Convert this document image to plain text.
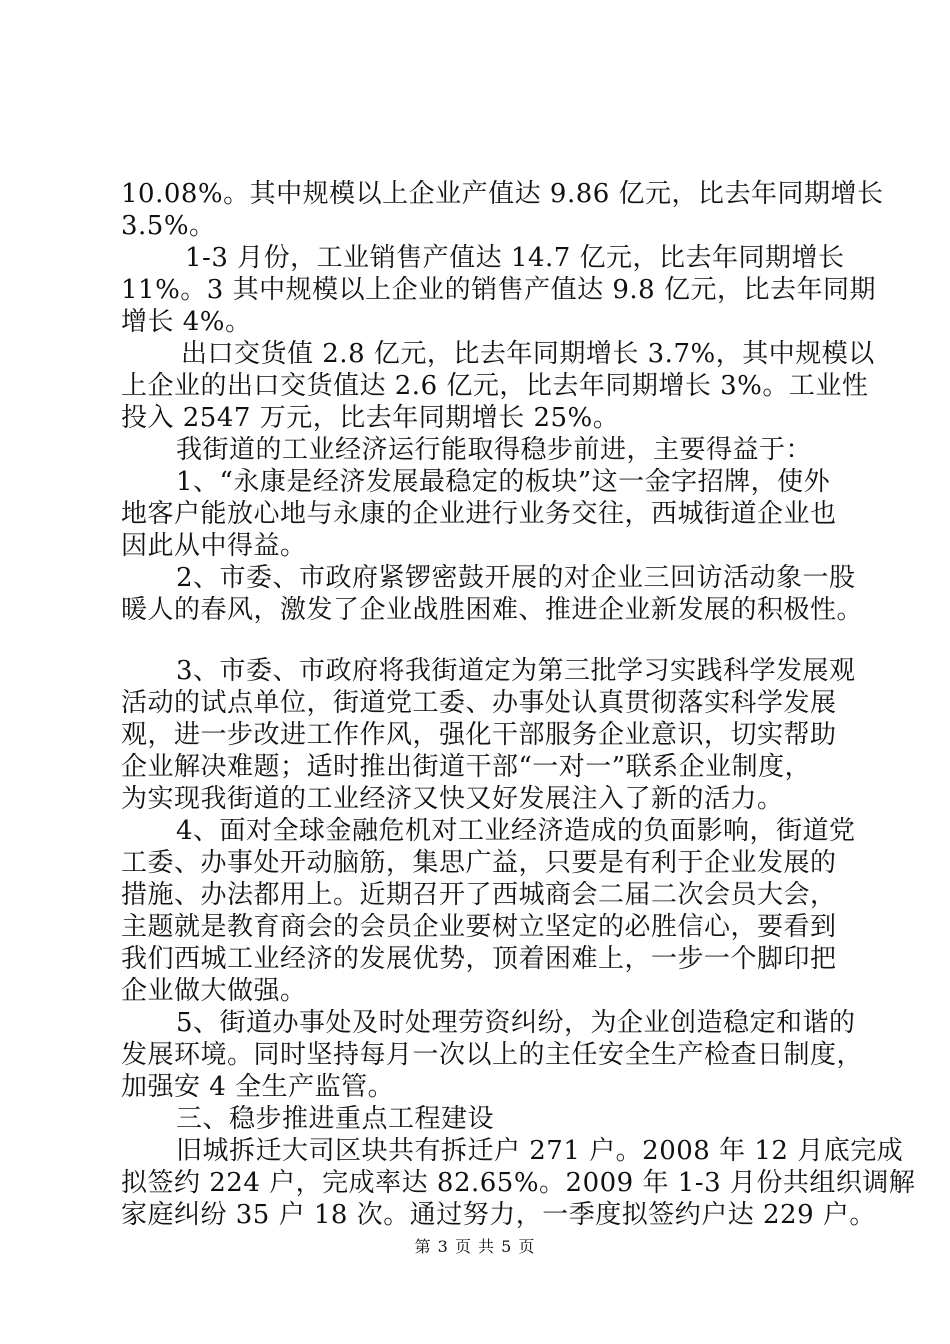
10.08%。其中规模以上企业产值达 9.86 亿元，比去年同期增长
3.5%。
1-3 月份，工业销售产值达 14.7 亿元，比去年同期增长
11%。3 其中规模以上企业的销售产值达 9.8 亿元，比去年同期
增长 4%。
出口交货值 2.8 亿元，比去年同期增长 3.7%，其中规模以
上企业的出口交货值达 2.6 亿元，比去年同期增长 3%。工业性
投入 2547 万元，比去年同期增长 25%。
我街道的工业经济运行能取得稳步前进，主要得益于：
1、“永康是经济发展最稳定的板块”这一金字招牌，使外
地客户能放心地与永康的企业进行业务交往，西城街道企业也
因此从中得益。
2、市委、市政府紧锣密鼓开展的对企业三回访活动象一股
暖人的春风，激发了企业战胜困难、推进企业新发展的积极性。
3、市委、市政府将我街道定为第三批学习实践科学发展观
活动的试点单位，街道党工委、办事处认真贯彻落实科学发展
观，进一步改进工作作风，强化干部服务企业意识，切实帮助
企业解决难题；适时推出街道干部“一对一”联系企业制度，
为实现我街道的工业经济又快又好发展注入了新的活力。
4、面对全球金融危机对工业经济造成的负面影响，街道党
工委、办事处开动脑筋，集思广益，只要是有利于企业发展的
措施、办法都用上。近期召开了西城商会二届二次会员大会，
主题就是教育商会的会员企业要树立坚定的必胜信心，要看到
我们西城工业经济的发展优势，顶着困难上，一步一个脚印把
企业做大做强。
5、街道办事处及时处理劳资纠纷，为企业创造稳定和谐的
发展环境。同时坚持每月一次以上的主任安全生产检查日制度，
加强安 4 全生产监管。
三、稳步推进重点工程建设
旧城拆迁大司区块共有拆迁户 271 户。2008 年 12 月底完成
拟签约 224 户，完成率达 82.65%。2009 年 1-3 月份共组织调解
家庭纠纷 35 户 18 次。通过努力，一季度拟签约户达 229 户。
第 3 页 共 5 页
